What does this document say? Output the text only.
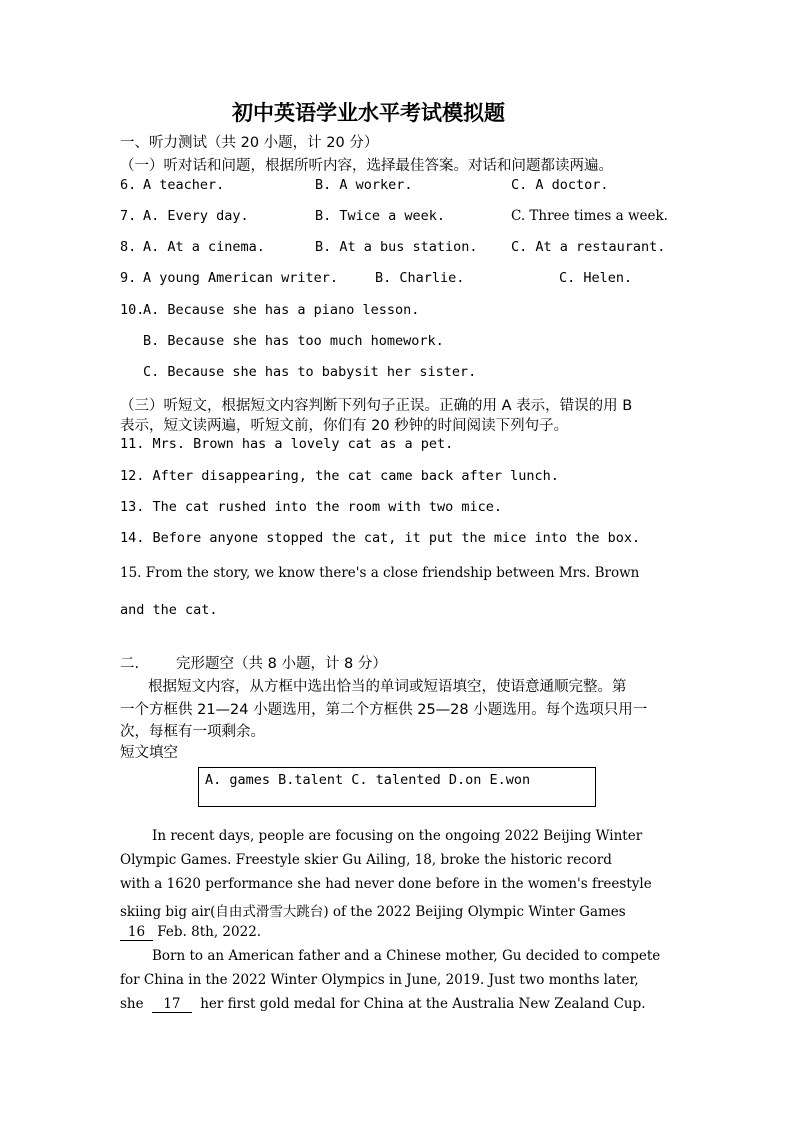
初中英语学业水平考试模拟题
一、听力测试（共 20 小题，计 20 分）
（一）听对话和问题，根据所听内容，选择最佳答案。对话和问题都读两遍。
6. A teacher.	B. A worker.	C. A doctor.
7. A. Every day.	B. Twice a week.	C. Three times a week.
8. A. At a cinema.	B. At a bus station. C. At a restaurant.
9. A young American writer.	B. Charlie.	C. Helen.
10.
A. Because she has a piano lesson.
B. Because she has too much homework.
C. Because she has to babysit her sister.
（三）听短文，根据短文内容判断下列句子正误。正确的用 A 表示，错误的用 B
表示，短文读两遍，听短文前，你们有 20 秒钟的时间阅读下列句子。
11. Mrs. Brown has a lovely cat as a pet.
12. After disappearing, the cat came back after lunch.
13. The cat rushed into the room with two mice.
14. Before anyone stopped the cat, it put the mice into the box.
15. From the story, we know there's a close friendship between Mrs. Brown
and the cat.
二.	完形题空（共 8 小题，计 8 分）
根据短文内容，从方框中选出恰当的单词或短语填空，使语意通顺完整。第
一个方框供 21—24 小题选用，第二个方框供 25—28 小题选用。每个选项只用一
次，每框有一项剩余。
短文填空
A. games B.talent C. talented D.on E.won
In recent days, people are focusing on the ongoing 2022 Beijing Winter
Olympic Games. Freestyle skier Gu Ailing, 18, broke the historic record
with a 1620 performance she had never done before in the women's freestyle
skiing big air(自由式滑雪大跳台) of the 2022 Beijing Olympic Winter Games
16 Feb. 8th, 2022.
Born to an American father and a Chinese mother, Gu decided to compete
for China in the 2022 Winter Olympics in June, 2019. Just two months later,
she 17 her first gold medal for China at the Australia New Zealand Cup.
